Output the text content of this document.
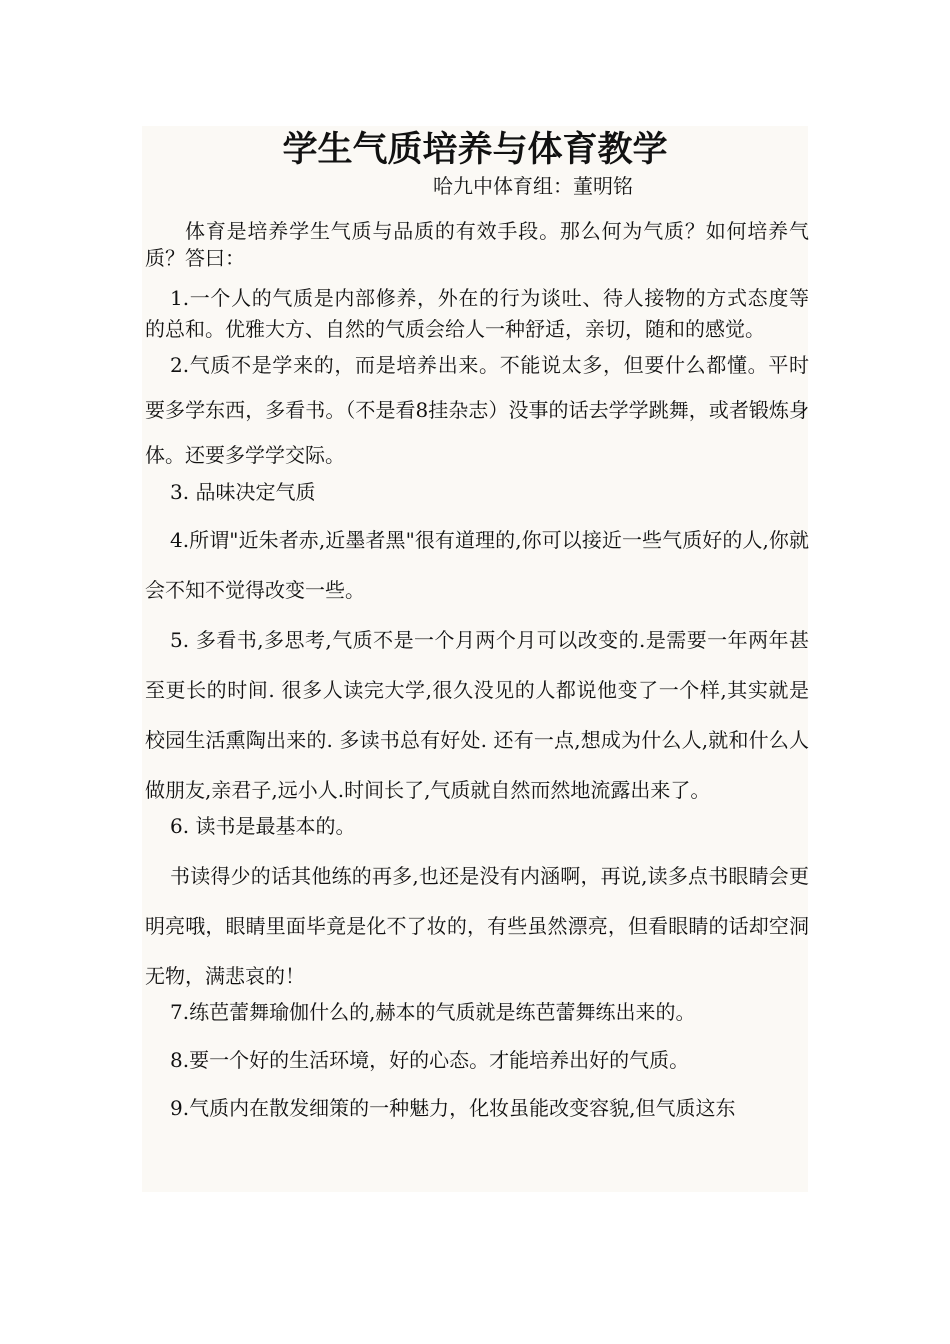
学生气质培养与体育教学
哈九中体育组：董明铭

体育是培养学生气质与品质的有效手段。那么何为气质？如何培养气质？答曰：

1.一个人的气质是内部修养，外在的行为谈吐、待人接物的方式态度等的总和。优雅大方、自然的气质会给人一种舒适，亲切，随和的感觉。

2.气质不是学来的，而是培养出来。不能说太多，但要什么都懂。平时要多学东西，多看书。（不是看8挂杂志）没事的话去学学跳舞，或者锻炼身体。还要多学学交际。

3. 品味决定气质

4.所谓"近朱者赤,近墨者黑"很有道理的,你可以接近一些气质好的人,你就会不知不觉得改变一些。

5. 多看书,多思考,气质不是一个月两个月可以改变的.是需要一年两年甚至更长的时间. 很多人读完大学,很久没见的人都说他变了一个样,其实就是校园生活熏陶出来的. 多读书总有好处. 还有一点,想成为什么人,就和什么人做朋友,亲君子,远小人.时间长了,气质就自然而然地流露出来了。

6. 读书是最基本的。

书读得少的话其他练的再多,也还是没有内涵啊，再说,读多点书眼睛会更明亮哦，眼睛里面毕竟是化不了妆的，有些虽然漂亮，但看眼睛的话却空洞无物，满悲哀的！

7.练芭蕾舞瑜伽什么的,赫本的气质就是练芭蕾舞练出来的。

8.要一个好的生活环境，好的心态。才能培养出好的气质。

9.气质内在散发细策的一种魅力，化妆虽能改变容貌,但气质这东
